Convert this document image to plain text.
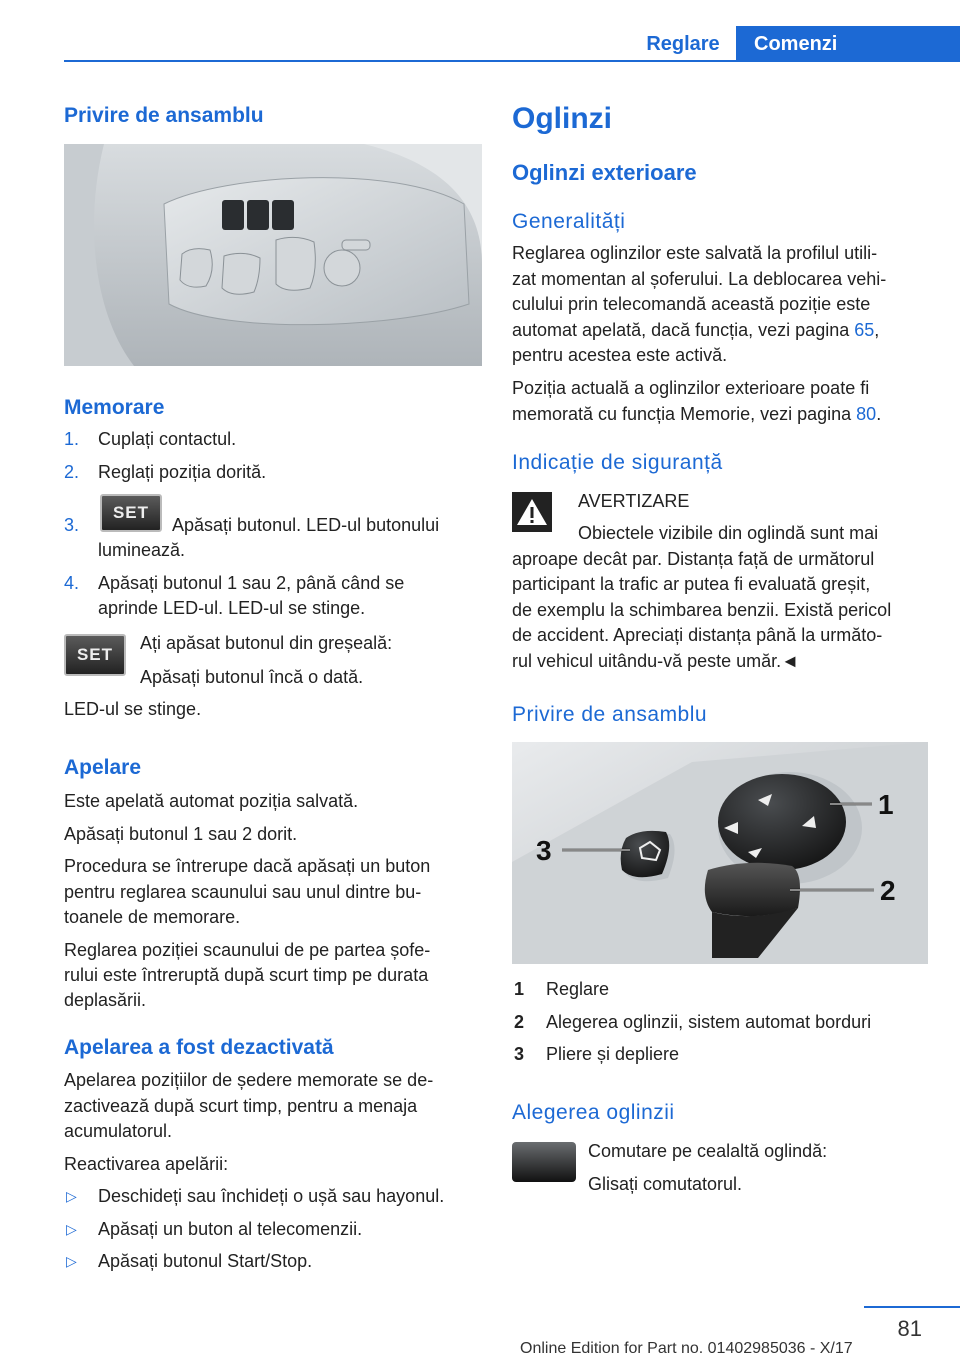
Reglare	Comenzi
Privire de ansamblu
Memorare
1. Cuplați contactul.
2. Reglați poziția dorită.
3.
SET
Apăsați butonul. LED-ul butonului
luminează.
4. Apăsați butonul 1 sau 2, până când se
aprinde LED-ul. LED-ul se stinge.
SET
Ați apăsat butonul din greșeală:
Apăsați butonul încă o dată.
LED-ul se stinge.
Apelare
Este apelată automat poziția salvată.
Apăsați butonul 1 sau 2 dorit.
Procedura se întrerupe dacă apăsați un buton
pentru reglarea scaunului sau unul dintre bu‐
toanele de memorare.
Reglarea poziției scaunului de pe partea șofe‐
rului este întreruptă după scurt timp pe durata
deplasării.
Apelarea a fost dezactivată
Apelarea pozițiilor de ședere memorate se de‐
zactivează după scurt timp, pentru a menaja
acumulatorul.
Reactivarea apelării:
▷ Deschideți sau închideți o ușă sau hayonul.
▷ Apăsați un buton al telecomenzii.
▷ Apăsați butonul Start/Stop.
Oglinzi
Oglinzi exterioare
Generalități
Reglarea oglinzilor este salvată la profilul utili‐
zat momentan al șoferului. La deblocarea vehi‐
culului prin telecomandă această poziție este
automat apelată, dacă funcția, vezi pagina 65,
pentru acestea este activă.
Poziția actuală a oglinzilor exterioare poate fi
memorată cu funcția Memorie, vezi pagina 80.
Indicație de siguranță
AVERTIZARE
Obiectele vizibile din oglindă sunt mai
aproape decât par. Distanța față de următorul
participant la trafic ar putea fi evaluată greșit,
de exemplu la schimbarea benzii. Există pericol
de accident. Apreciați distanța până la următo‐
rul vehicul uitându-vă peste umăr.◄
Privire de ansamblu
3
1
2
1 Reglare
2 Alegerea oglinzii, sistem automat borduri
3 Pliere și depliere
Alegerea oglinzii
Comutare pe cealaltă oglindă:
Glisați comutatorul.
81
Online Edition for Part no. 01402985036 - X/17
